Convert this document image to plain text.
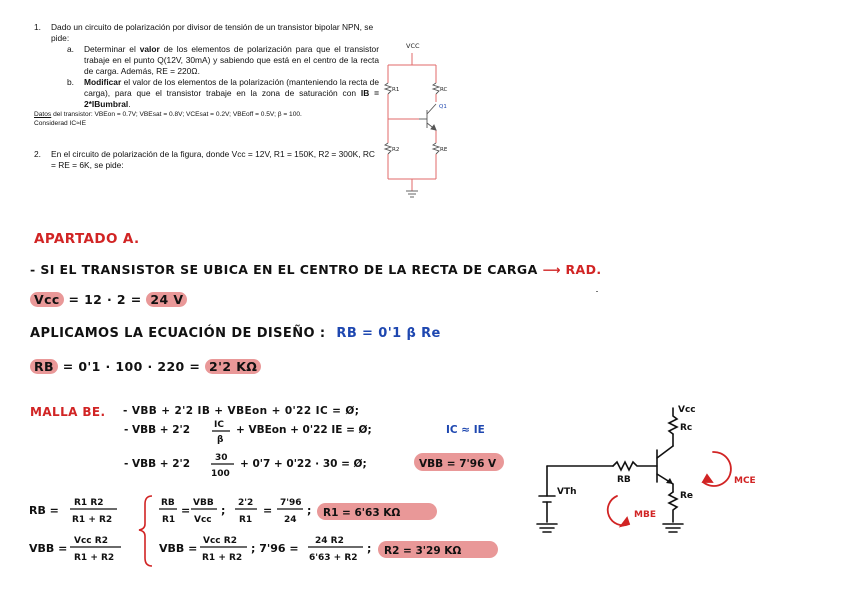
1. Dado un circuito de polarización por divisor de tensión de un transistor bipolar NPN, se pide:
a. Determinar el valor de los elementos de polarización para que el transistor trabaje en el punto Q(12V, 30mA) y sabiendo que está en el centro de la recta de carga. Además, RE = 220Ω.
b. Modificar el valor de los elementos de la polarización (manteniendo la recta de carga), para que el transistor trabaje en la zona de saturación con IB = 2*IBumbral.
Datos del transistor: VBEon = 0.7V; VBEsat = 0.8V; VCEsat = 0.2V; VBEoff = 0.5V; β = 100.
Considerad IC≈IE
2. En el circuito de polarización de la figura, donde Vcc = 12V, R1 = 150K, R2 = 300K, RC = RE = 6K, se pide:
VCC
R1	RC
Q1
R2	RE
APARTADO A.
- SI EL TRANSISTOR SE UBICA EN EL CENTRO DE LA RECTA DE CARGA ⟶ RAD.
Vcc = 12 · 2 = 24 V
APLICAMOS LA ECUACIÓN DE DISEÑO : RB = 0'1 β Re
RB = 0'1 · 100 · 220 = 2'2 KΩ
MALLA BE. - VBB + 2'2 IB + VBEon + 0'22 IC = Ø;
- VBB + 2'2	IC
β
+ VBEon + 0'22 IE = Ø;	IC ≈ IE
- VBB + 2'2	30
100
+ 0'7 + 0'22 · 30 = Ø;	VBB = 7'96 V
RB =
R1 R2
R1 + R2
VBB =
Vcc R2
R1 + R2
RB
R1
=
VBB
Vcc
;
2'2
R1
=
7'96
24
; R1 = 6'63 KΩ
VBB =
Vcc R2
R1 + R2
; 7'96 =
24 R2
6'63 + R2
; R2 = 3'29 KΩ
Vcc
Rc
RB
Re
VTh
MBE
MCE
